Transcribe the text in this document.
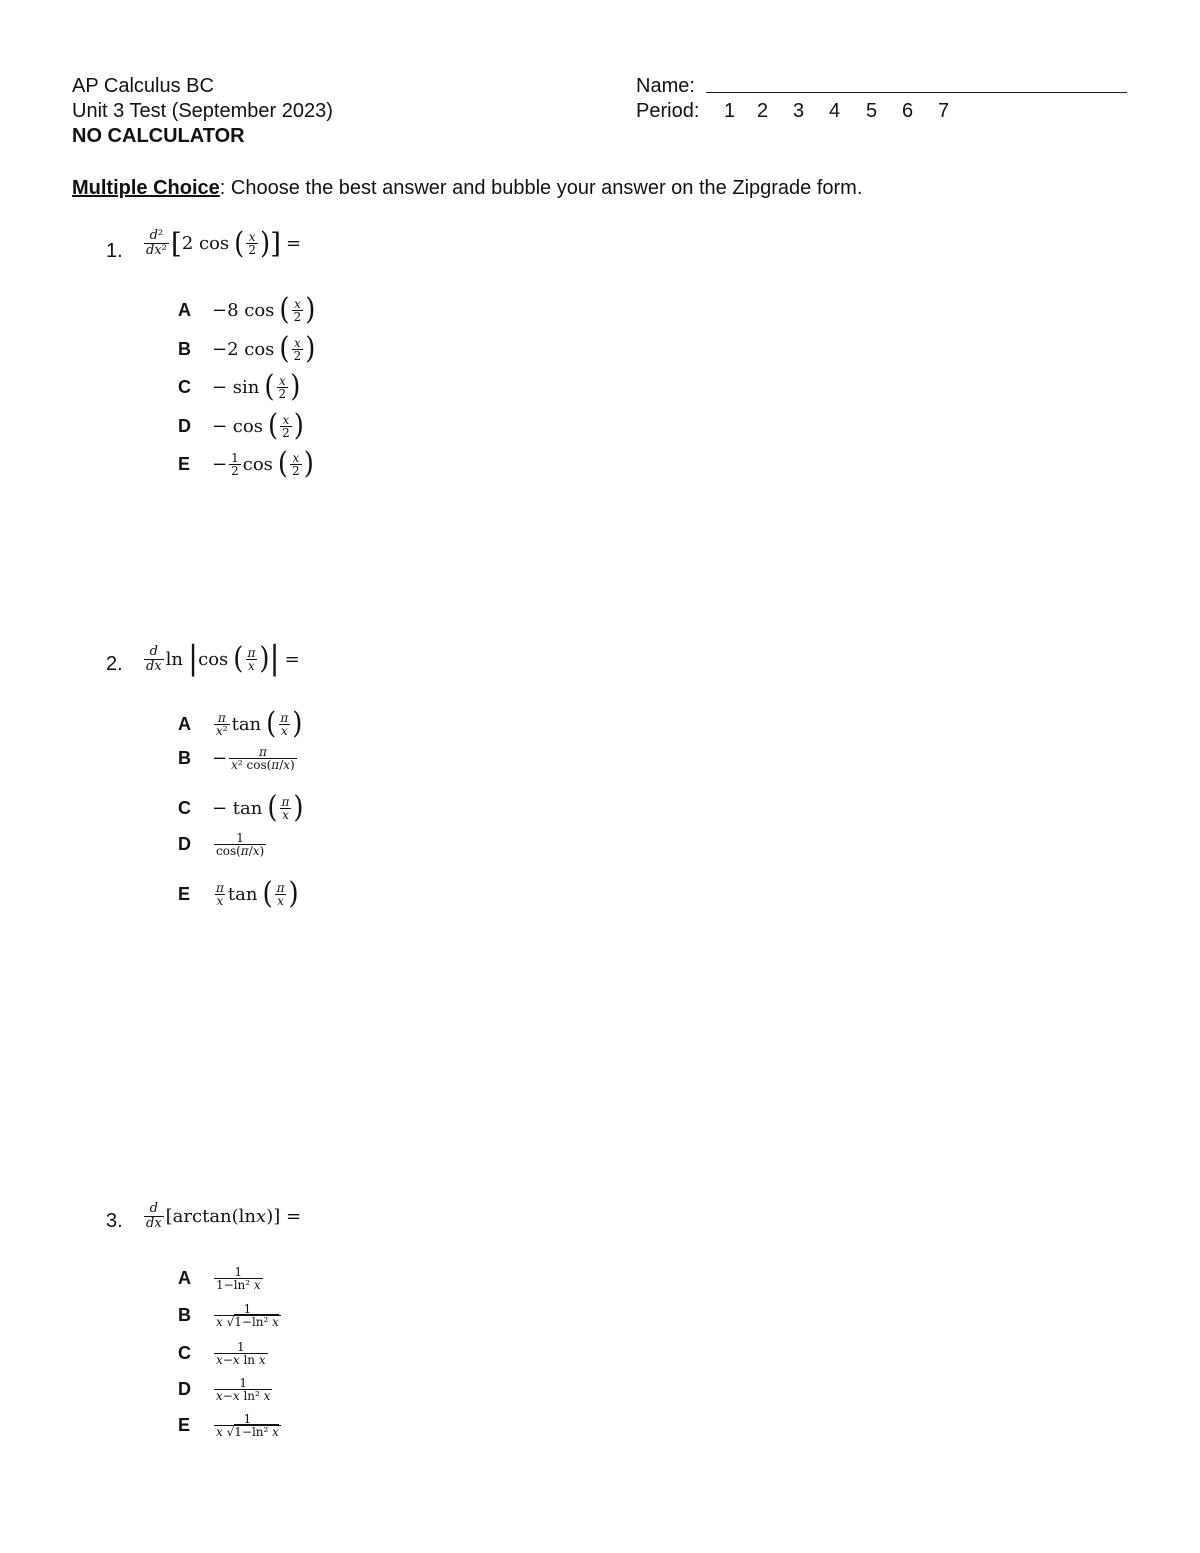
AP Calculus BC
Unit 3 Test (September 2023)
NO CALCULATOR
Name:
Period: 1 2 3 4 5 6 7
Multiple Choice: Choose the best answer and bubble your answer on the Zipgrade form.
1. $\frac{\text{d²}}{\text{dx²}}$ [ 2 cos ( $\frac{x}{2}$ ) ] =
A	−8 cos ( $\frac{x}{2}$ )
B	−2 cos ( $\frac{x}{2}$ )
C	− sin ( $\frac{x}{2}$ )
D	− cos ( $\frac{x}{2}$ )
E	− $\frac{1}{2}$ cos ( $\frac{x}{2}$ )
2. $\frac{d}{dx}$ ln | cos ( $\frac{\pi}{x}$ ) | =
A	$\frac{\pi}{\text{x²}}$ tan ( $\frac{\pi}{x}$ )
B	− $\frac{\pi}{\text{x² cos(π/x)}}$
C	− tan ( $\frac{\pi}{x}$ )
D	$\frac{1}{\cos(\pi/x)}$
E	$\frac{\pi}{x}$ tan ( $\frac{\pi}{x}$ )
3. $\frac{d}{dx} [\arctan(\ln$ x )] =
A	$\frac{1}{\text{1−ln² x}}$
B	$\frac{1}{\text{x √1−ln² x}}$
C	$\frac{1}{\text{x−x ln x}}$
D	$\frac{1}{\text{x−x ln² x}}$
E	$\frac{1}{\text{x √1−ln² x}}$
